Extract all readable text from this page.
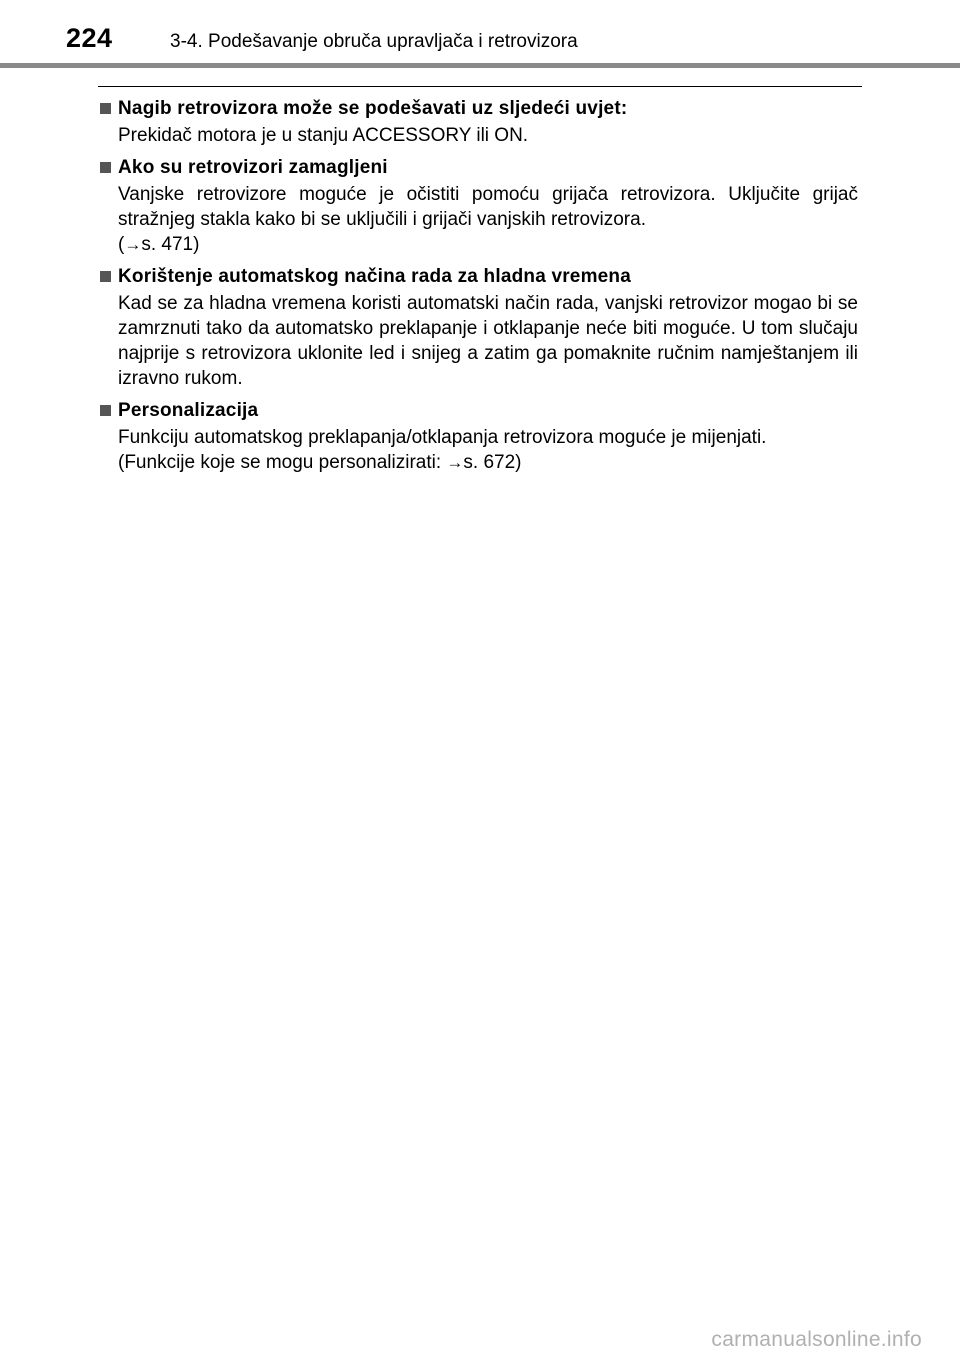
224	3-4. Podešavanje obruča upravljača i retrovizora
Nagib retrovizora može se podešavati uz sljedeći uvjet:

Prekidač motora je u stanju ACCESSORY ili ON.

Ako su retrovizori zamagljeni

Vanjske retrovizore moguće je očistiti pomoću grijača retrovizora. Uključite grijač stražnjeg stakla kako bi se uključili i grijači vanjskih retrovizora.

(→s. 471)
Korištenje automatskog načina rada za hladna vremena

Kad se za hladna vremena koristi automatski način rada, vanjski retrovizor mogao bi se zamrznuti tako da automatsko preklapanje i otklapanje neće biti moguće. U tom slučaju najprije s retrovizora uklonite led i snijeg a zatim ga pomaknite ručnim namještanjem ili izravno rukom.

Personalizacija

Funkciju automatskog preklapanja/otklapanja retrovizora moguće je mijenjati.

(Funkcije koje se mogu personalizirati: →s. 672)
carmanualsonline.info
